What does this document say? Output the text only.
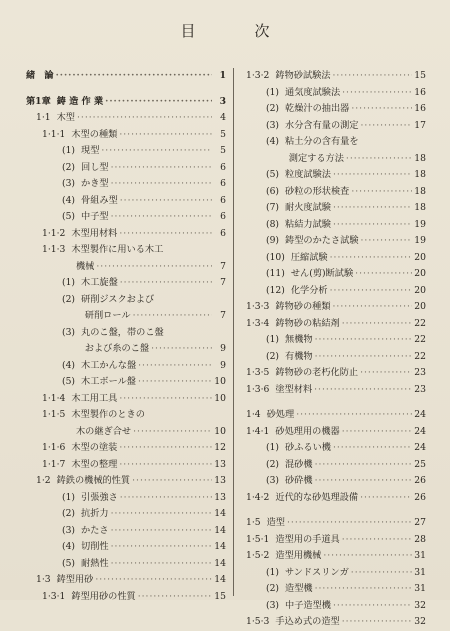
目　次
緒　論 ·····	1
第1章 鋳 造 作 業 ·····	3
1·1 木型 ·····	4
1·1·1 木型の種類 ·····	5
(1) 現型 ·····	5
(2) 回し型 ·····	6
(3) かき型 ·····	6
(4) 骨組み型 ·····	6
(5) 中子型 ·····	6
1·1·2 木型用材料 ·····	6
1·1·3 木型製作に用いる木工
機械 ·····	7
(1) 木工旋盤 ·····	7
(2) 研削ジスクおよび
研削ロール ·····	7
(3) 丸のこ盤，帯のこ盤
および糸のこ盤 ·····	9
(4) 木工かんな盤 ·····	9
(5) 木工ボール盤 ·····	10
1·1·4 木工用工具 ·····	10
1·1·5 木型製作のときの
木の継ぎ合せ ·····	10
1·1·6 木型の塗装 ·····	12
1·1·7 木型の整理 ·····	13
1·2 鋳鉄の機械的性質 ·····	13
(1) 引張強さ ·····	13
(2) 抗折力 ·····	14
(3) かたさ ·····	14
(4) 切削性 ·····	14
(5) 耐熱性 ·····	14
1·3 鋳型用砂 ·····	14
1·3·1 鋳型用砂の性質 ·····	15
1·3·2 鋳物砂試験法 ·····	15
(1) 通気度試験法 ·····	16
(2) 乾燥汁の抽出器 ·····	16
(3) 水分含有量の測定 ·····	17
(4) 粘土分の含有量を
測定する方法 ·····	18
(5) 粒度試験法 ·····	18
(6) 砂粒の形状検査 ·····	18
(7) 耐火度試験 ·····	18
(8) 粘結力試験 ·····	19
(9) 鋳型のかたさ試験 ·····	19
(10) 圧縮試験 ·····	20
(11) せん(剪)断試験 ·····	20
(12) 化学分析 ·····	20
1·3·3 鋳物砂の種類 ·····	20
1·3·4 鋳物砂の粘結剤 ·····	22
(1) 無機物 ·····	22
(2) 有機物 ·····	22
1·3·5 鋳物砂の老朽化防止 ·····	23
1·3·6 塗型材料 ·····	23
1·4 砂処理 ·····	24
1·4·1 砂処理用の機器 ·····	24
(1) 砂ふるい機 ·····	24
(2) 混砂機 ·····	25
(3) 砂砕機 ·····	26
1·4·2 近代的な砂処理設備 ·····	26
1·5 造型 ·····	27
1·5·1 造型用の手道具 ·····	28
1·5·2 造型用機械 ·····	31
(1) サンドスリンガ ·····	31
(2) 造型機 ·····	31
(3) 中子造型機 ·····	32
1·5·3 手込め式の造型 ·····	32
